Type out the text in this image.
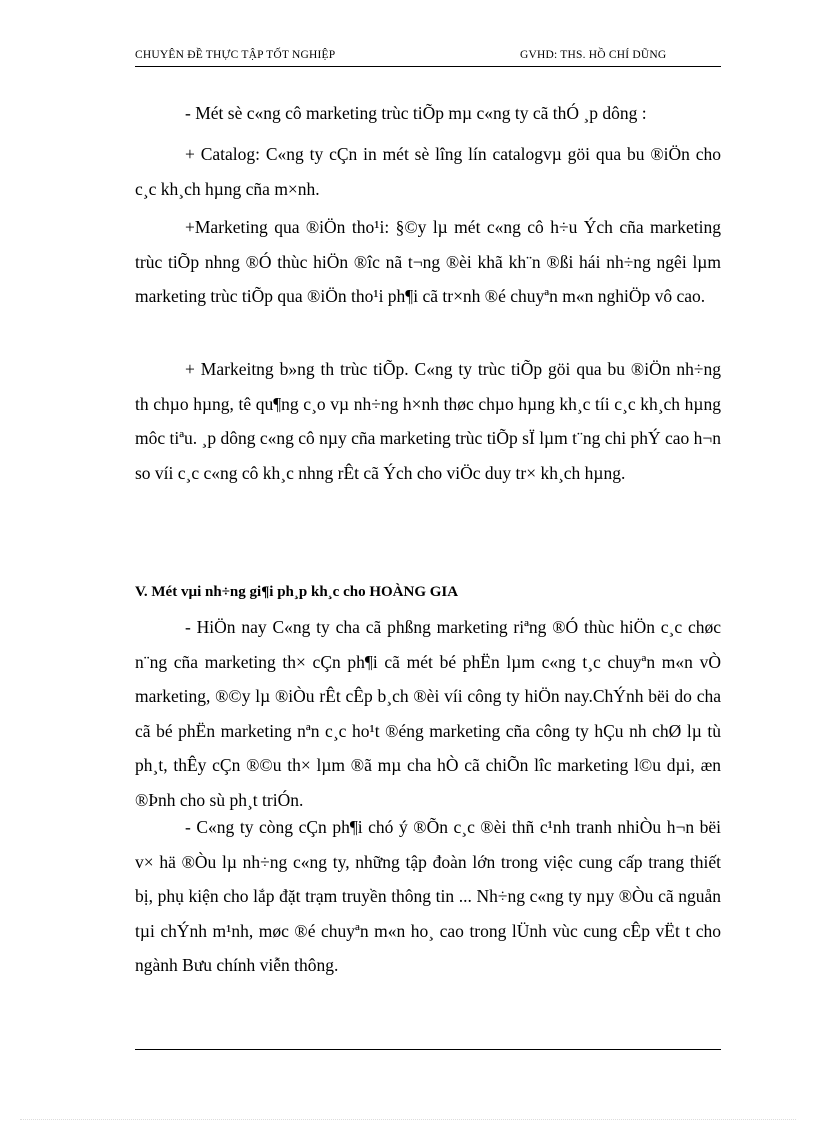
CHUYÊN ĐỀ THỰC TẬP TỐT NGHIỆP	GVHD: THS. HỒ CHÍ DŨNG

- Mét sè c«ng cô marketing trùc tiÕp mµ c«ng ty cã thÓ ¸p dông :

+ Catalog: C«ng ty cÇn in mét sè lîng lín catalogvµ göi qua bu ®iÖn cho c¸c kh¸ch hµng cña m×nh.

+Marketing qua ®iÖn tho¹i: §©y lµ mét c«ng cô h÷u Ých cña marketing trùc tiÕp nhng ®Ó thùc hiÖn ®îc nã t¬ng ®èi khã kh¨n ®ßi hái nh÷ng ngêi lµm marketing trùc tiÕp qua ®iÖn tho¹i ph¶i cã tr×nh ®é chuyªn m«n nghiÖp vô cao.

+ Markeitng b»ng th trùc tiÕp. C«ng ty trùc tiÕp göi qua bu ®iÖn nh÷ng th chµo hµng, tê qu¶ng c¸o vµ nh÷ng h×nh thøc chµo hµng kh¸c tíi c¸c kh¸ch hµng môc tiªu. ¸p dông c«ng cô nµy cña marketing trùc tiÕp sÏ lµm t¨ng chi phÝ cao h¬n so víi c¸c c«ng cô kh¸c nhng rÊt cã Ých cho viÖc duy tr× kh¸ch hµng.

V. Mét vµi nh÷ng gi¶i ph¸p kh¸c cho HOÀNG GIA

- HiÖn nay C«ng ty cha cã phßng marketing riªng ®Ó thùc hiÖn c¸c chøc n¨ng cña marketing th× cÇn ph¶i cã mét bé phËn lµm c«ng t¸c chuyªn m«n vÒ marketing, ®©y lµ ®iÒu rÊt cÊp b¸ch ®èi víi công ty hiÖn nay.ChÝnh bëi do cha cã bé phËn marketing nªn c¸c ho¹t ®éng marketing cña công ty hÇu nh chØ lµ tù ph¸t, thÊy cÇn ®©u th× lµm ®ã mµ cha hÒ cã chiÕn lîc marketing l©u dµi, æn ®Þnh cho sù ph¸t triÓn.

- C«ng ty còng cÇn ph¶i chó ý ®Õn c¸c ®èi thñ c¹nh tranh nhiÒu h¬n bëi v× hä ®Òu lµ nh÷ng c«ng ty, những tập đoàn lớn trong việc cung cấp trang thiết bị, phụ kiện cho lắp đặt trạm truyền thông tin ... Nh÷ng c«ng ty nµy ®Òu cã nguån tµi chÝnh m¹nh, møc ®é chuyªn m«n ho¸ cao trong lÜnh vùc cung cÊp vËt t cho ngành Bưu chính viễn thông.
